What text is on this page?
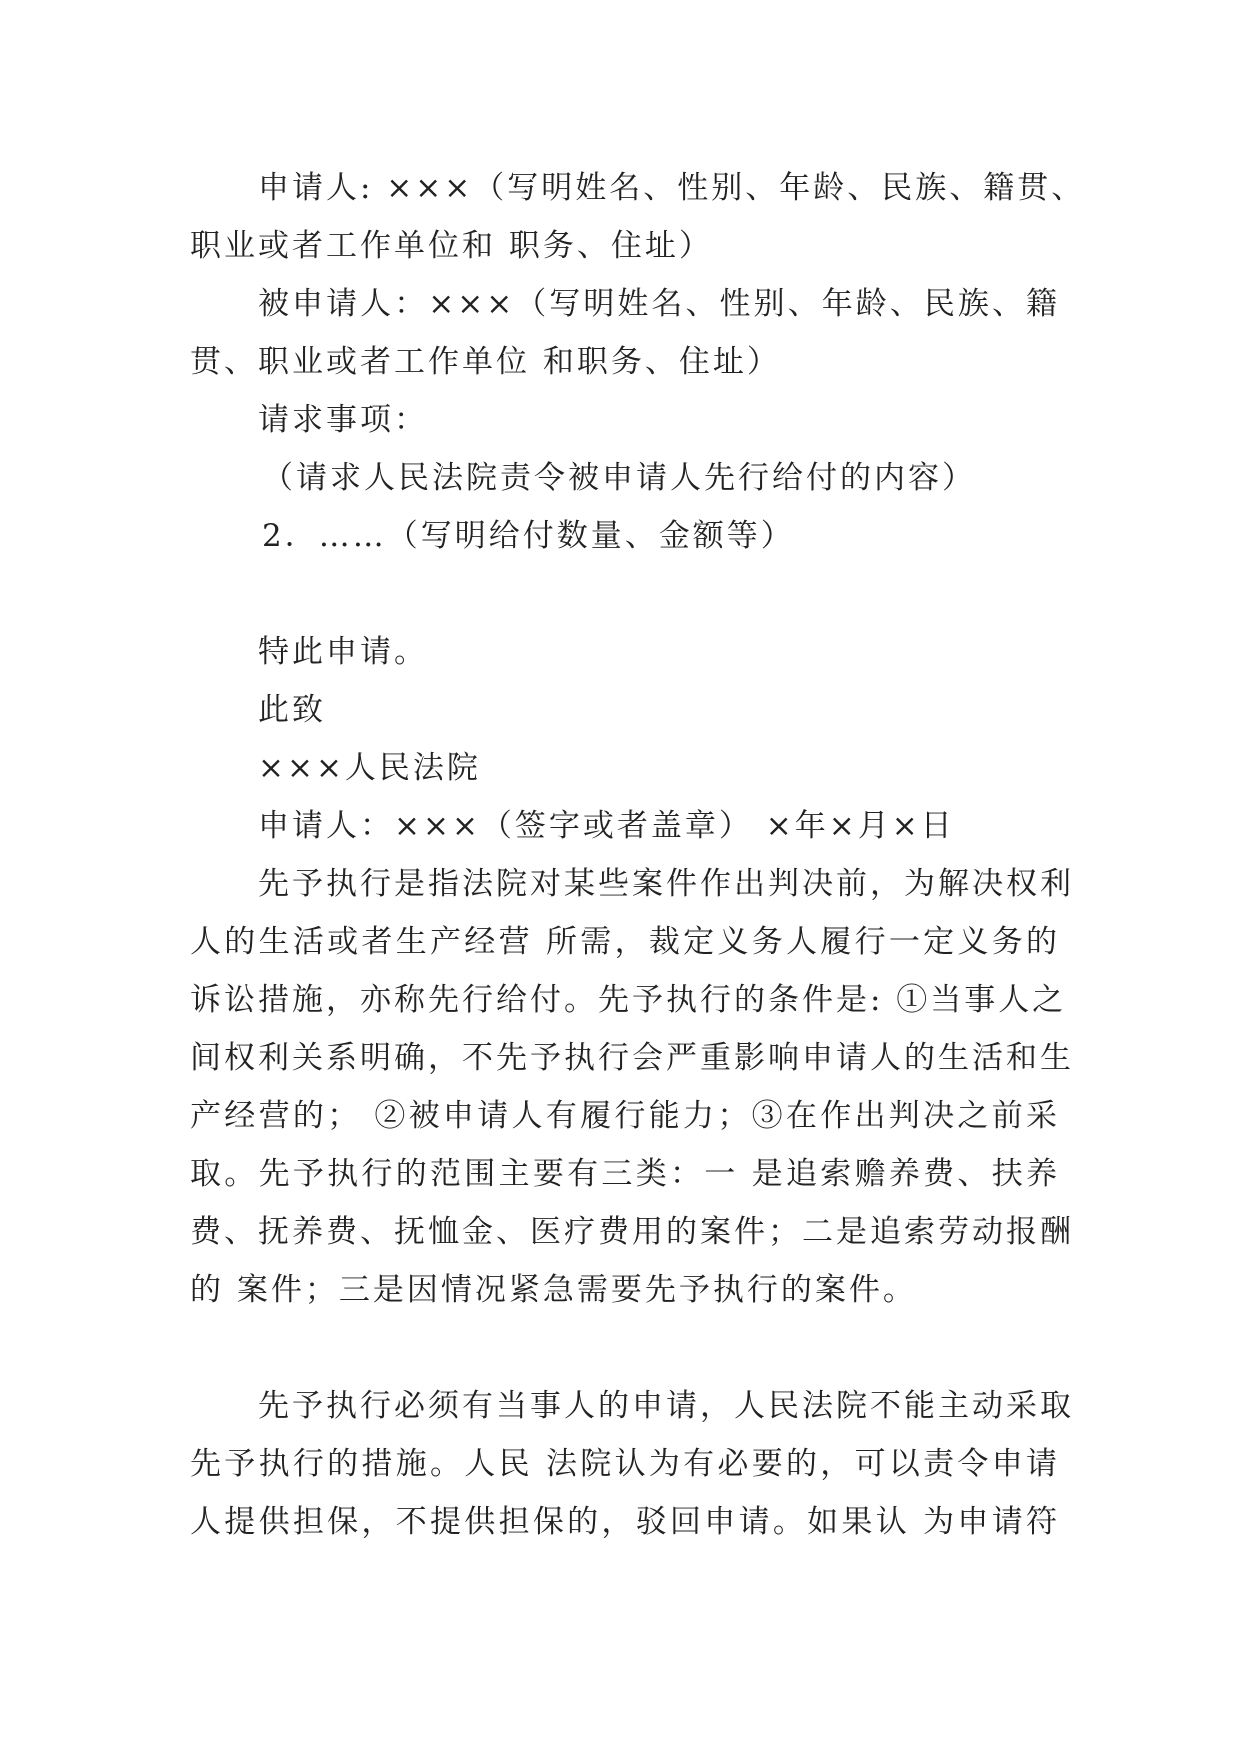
申请人: ×××（写明姓名、性别、年龄、民族、籍贯、

职业或者工作单位和 职务、住址）

被申请人：×××（写明姓名、性别、年龄、民族、籍

贯、职业或者工作单位 和职务、住址）

请求事项：

（请求人民法院责令被申请人先行给付的内容）

2．……（写明给付数量、金额等）

特此申请。

此致

×××人民法院

申请人：×××（签字或者盖章） ×年×月×日

先予执行是指法院对某些案件作出判决前，为解决权利

人的生活或者生产经营 所需，裁定义务人履行一定义务的

诉讼措施，亦称先行给付。先予执行的条件是: ①当事人之

间权利关系明确，不先予执行会严重影响申请人的生活和生

产经营的； ②被申请人有履行能力；③在作出判决之前采

取。先予执行的范围主要有三类：一 是追索赡养费、扶养

费、抚养费、抚恤金、医疗费用的案件；二是追索劳动报酬

的 案件；三是因情况紧急需要先予执行的案件。

先予执行必须有当事人的申请，人民法院不能主动采取

先予执行的措施。人民 法院认为有必要的，可以责令申请

人提供担保，不提供担保的，驳回申请。如果认 为申请符
